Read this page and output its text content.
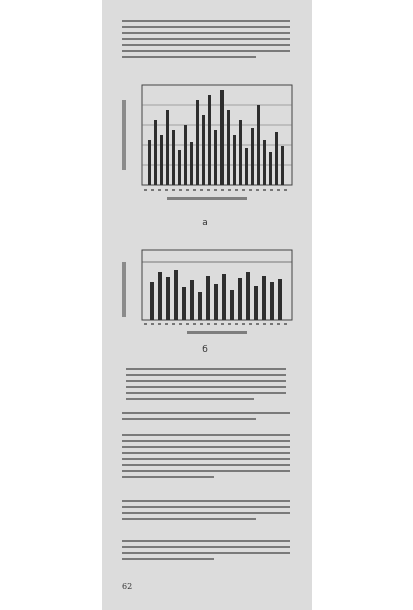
a
б
62
